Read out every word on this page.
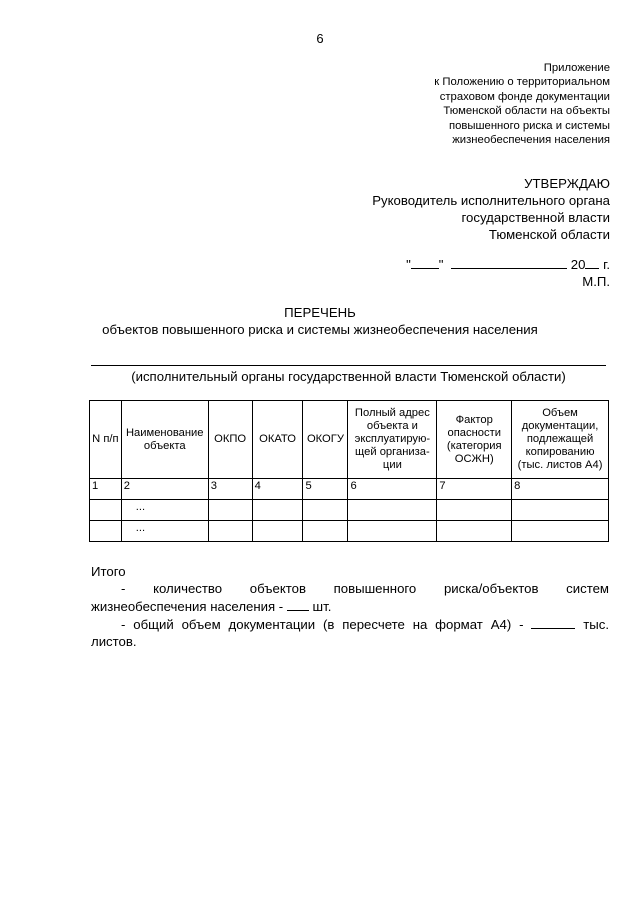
6
Приложение
к Положению о территориальном
страховом фонде документации
Тюменской области на объекты
повышенного риска и системы
жизнеобеспечения населения
УТВЕРЖДАЮ
Руководитель исполнительного органа
государственной власти
Тюменской области
" "	20 г.
М.П.
ПЕРЕЧЕНЬ
объектов повышенного риска и системы жизнеобеспечения населения
(исполнительный органы государственной власти Тюменской области)
N п/п	Наименование объекта	ОКПО	ОКАТО	ОКОГУ	Полный адрес объекта и эксплуатирую-щей организа-ции	Фактор опасности (категория ОСЖН)	Объем документации, подлежащей копированию (тыс. листов А4)
1	2	3	4	5	6	7	8
	...						
	...						
Итого
- количество объектов повышенного риска/объектов систем
жизнеобеспечения населения -  шт.
- общий объем документации (в пересчете на формат А4) -	тыс.
листов.
